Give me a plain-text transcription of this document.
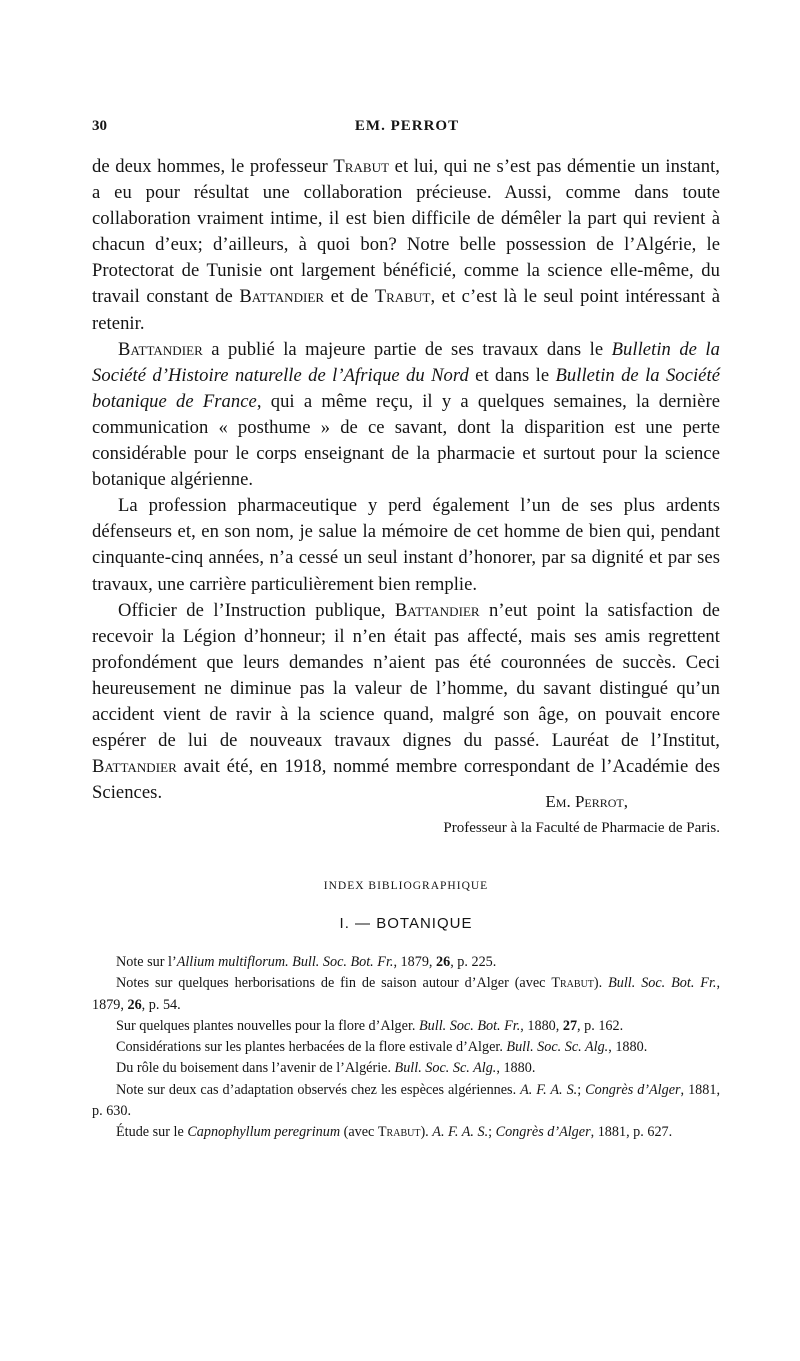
30	EM. PERROT

de deux hommes, le professeur Trabut et lui, qui ne s’est pas démentie un instant, a eu pour résultat une collaboration précieuse. Aussi, comme dans toute collaboration vraiment intime, il est bien difficile de démêler la part qui revient à chacun d’eux; d’ailleurs, à quoi bon? Notre belle possession de l’Algérie, le Protectorat de Tunisie ont largement bénéficié, comme la science elle-même, du travail constant de Battandier et de Trabut, et c’est là le seul point intéressant à retenir.

Battandier a publié la majeure partie de ses travaux dans le Bulletin de la Société d’Histoire naturelle de l’Afrique du Nord et dans le Bulletin de la Société botanique de France, qui a même reçu, il y a quelques semaines, la dernière communication « posthume » de ce savant, dont la disparition est une perte considérable pour le corps enseignant de la pharmacie et surtout pour la science botanique algérienne.

La profession pharmaceutique y perd également l’un de ses plus ardents défenseurs et, en son nom, je salue la mémoire de cet homme de bien qui, pendant cinquante-cinq années, n’a cessé un seul instant d’honorer, par sa dignité et par ses travaux, une carrière particulièrement bien remplie.

Officier de l’Instruction publique, Battandier n’eut point la satisfaction de recevoir la Légion d’honneur; il n’en était pas affecté, mais ses amis regrettent profondément que leurs demandes n’aient pas été couronnées de succès. Ceci heureusement ne diminue pas la valeur de l’homme, du savant distingué qu’un accident vient de ravir à la science quand, malgré son âge, on pouvait encore espérer de lui de nouveaux travaux dignes du passé. Lauréat de l’Institut, Battandier avait été, en 1918, nommé membre correspondant de l’Académie des Sciences.	Em. Perrot,
Professeur à la Faculté de Pharmacie de Paris.
INDEX BIBLIOGRAPHIQUE
I. — BOTANIQUE

Note sur l’Allium multiflorum. Bull. Soc. Bot. Fr., 1879, 26, p. 225.

Notes sur quelques herborisations de fin de saison autour d’Alger (avec Trabut). Bull. Soc. Bot. Fr., 1879, 26, p. 54.

Sur quelques plantes nouvelles pour la flore d’Alger. Bull. Soc. Bot. Fr., 1880, 27, p. 162.

Considérations sur les plantes herbacées de la flore estivale d’Alger. Bull. Soc. Sc. Alg., 1880.

Du rôle du boisement dans l’avenir de l’Algérie. Bull. Soc. Sc. Alg., 1880.

Note sur deux cas d’adaptation observés chez les espèces algériennes. A. F. A. S.; Congrès d’Alger, 1881, p. 630.

Étude sur le Capnophyllum peregrinum (avec Trabut). A. F. A. S.; Congrès d’Alger, 1881, p. 627.
